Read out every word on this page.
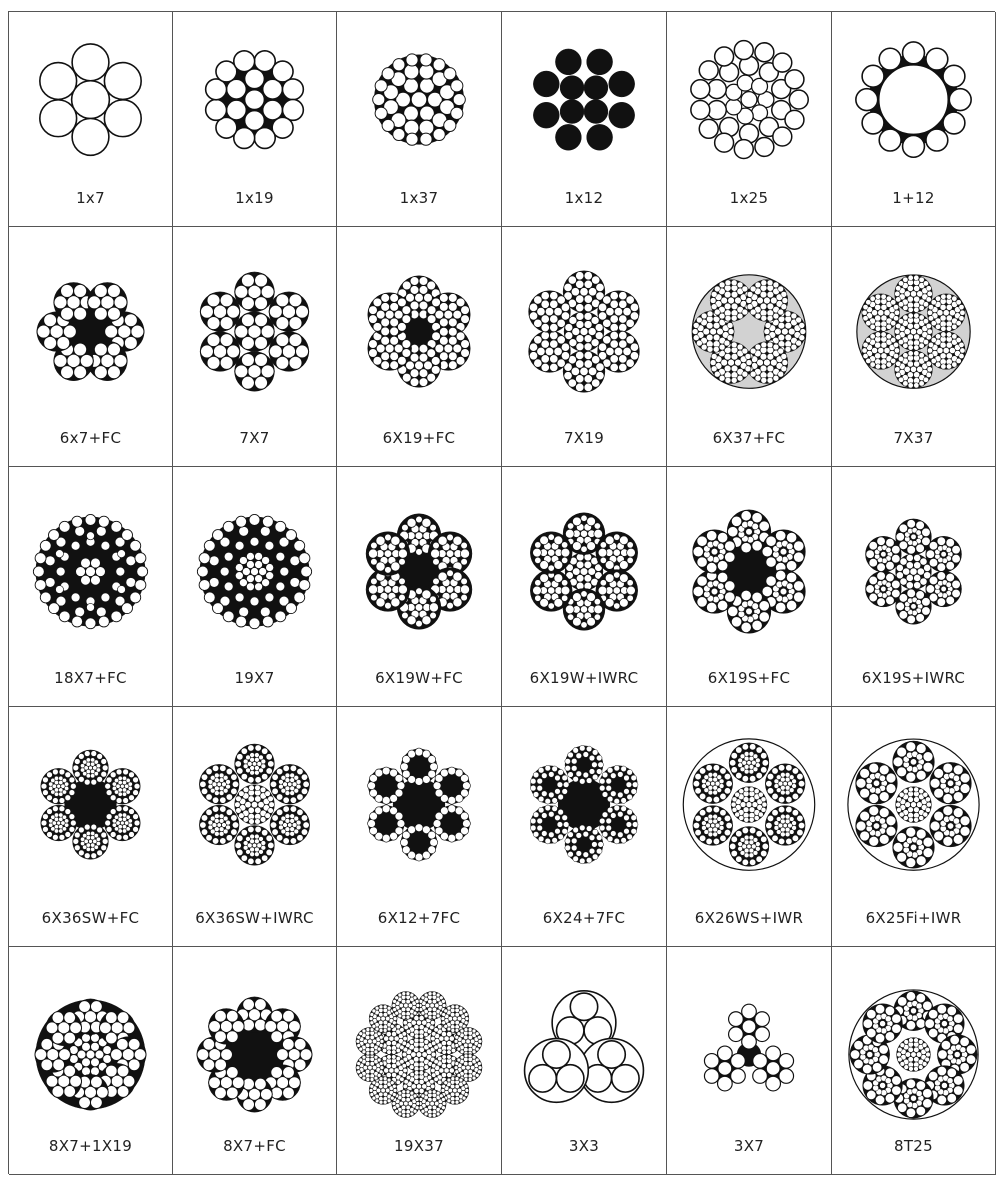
1x7	1x19	1x37	1x12	1x25	1+12
6x7+FC	7X7	6X19+FC	7X19	6X37+FC	7X37
18X7+FC	19X7	6X19W+FC	6X19W+IWRC	6X19S+FC	6X19S+IWRC
6X36SW+FC	6X36SW+IWRC	6X12+7FC	6X24+7FC	6X26WS+IWR	6X25Fi+IWR
8X7+1X19	8X7+FC	19X37	3X3	3X7	8T25
